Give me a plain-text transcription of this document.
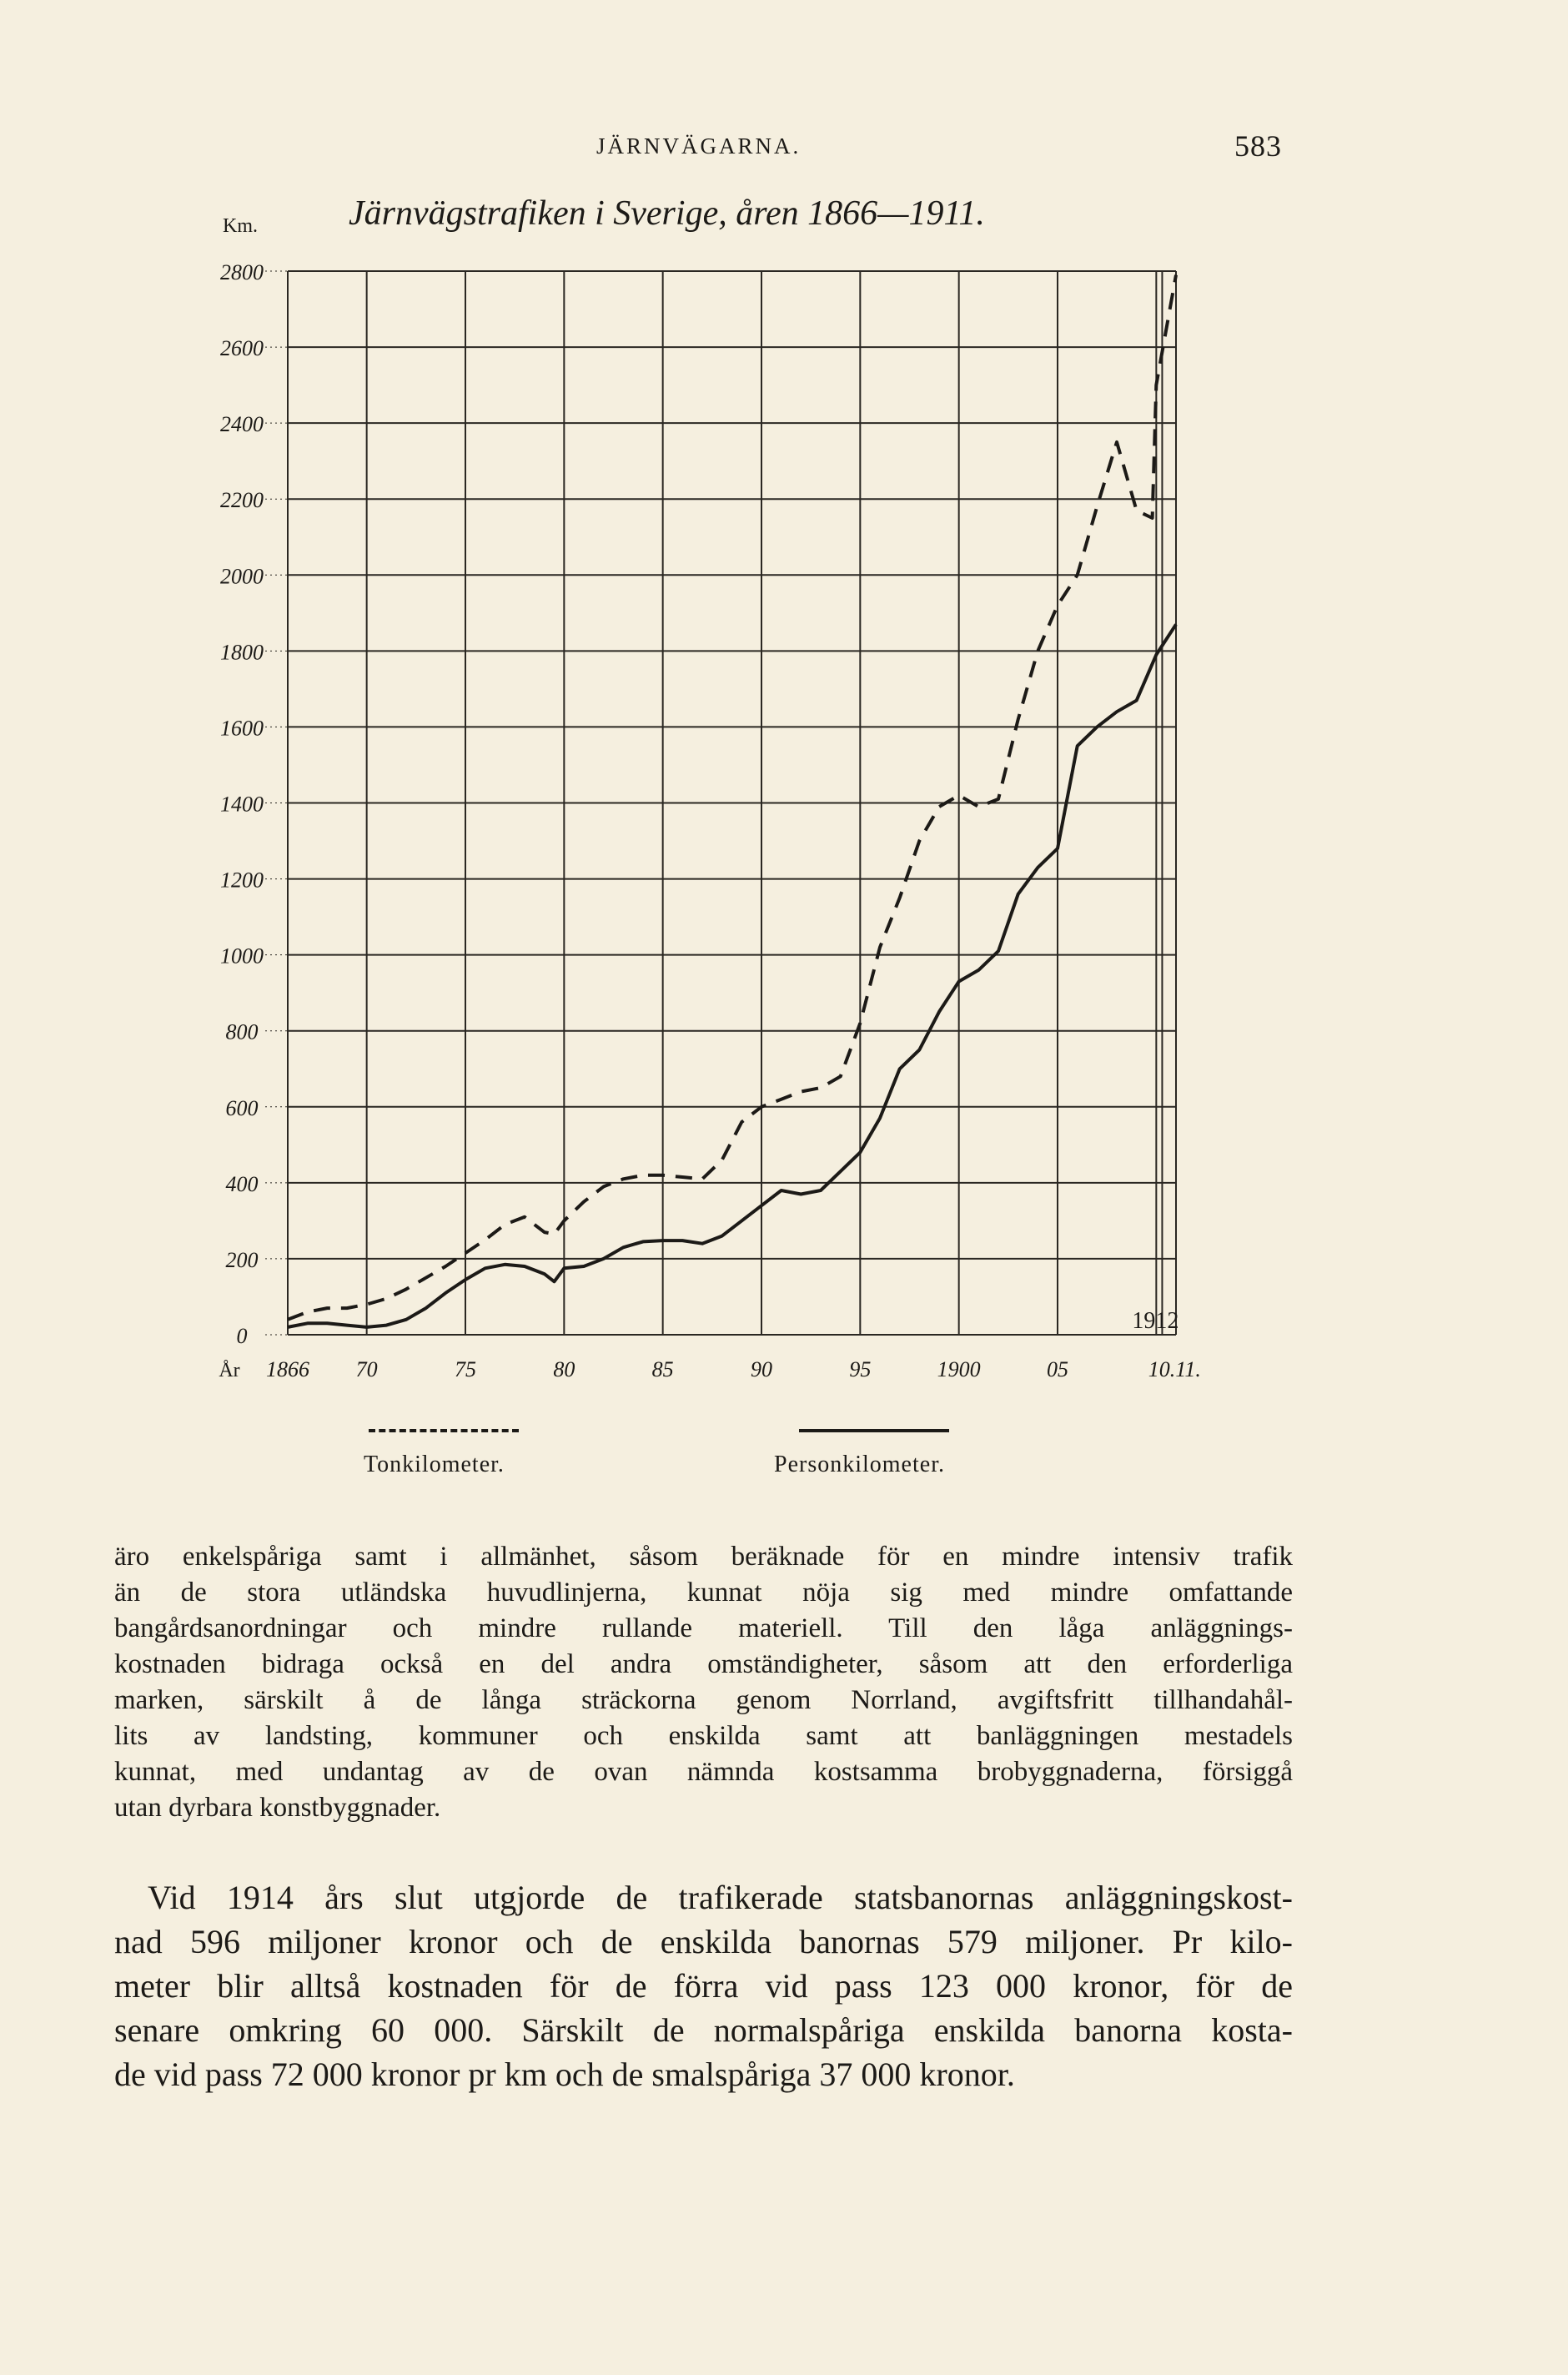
JÄRNVÄGARNA.	583
Km.	Järnvägstrafiken i Sverige, åren 1866—1911.
2800
2600
2400
2200
2000
1800
1600
1400
1200
1000
800
600
400
200
0
1866 70	75	80	85	90	95	1900	05	10.11.
År
1912
Tonkilometer.	Personkilometer.

äro enkelspåriga samt i allmänhet, såsom beräknade för en mindre intensiv trafik

än de stora utländska huvudlinjerna, kunnat nöja sig med mindre omfattande

bangårdsanordningar och mindre rullande materiell. Till den låga anläggnings-

kostnaden bidraga också en del andra omständigheter, såsom att den erforderliga

marken, särskilt å de långa sträckorna genom Norrland, avgiftsfritt tillhandahål-

lits av landsting, kommuner och enskilda samt att banläggningen mestadels

kunnat, med undantag av de ovan nämnda kostsamma brobyggnaderna, försiggå

utan dyrbara konstbyggnader.

Vid 1914 års slut utgjorde de trafikerade statsbanornas anläggningskost-

nad 596 miljoner kronor och de enskilda banornas 579 miljoner. Pr kilo-

meter blir alltså kostnaden för de förra vid pass 123 000 kronor, för de

senare omkring 60 000. Särskilt de normalspåriga enskilda banorna kosta-

de vid pass 72 000 kronor pr km och de smalspåriga 37 000 kronor.
